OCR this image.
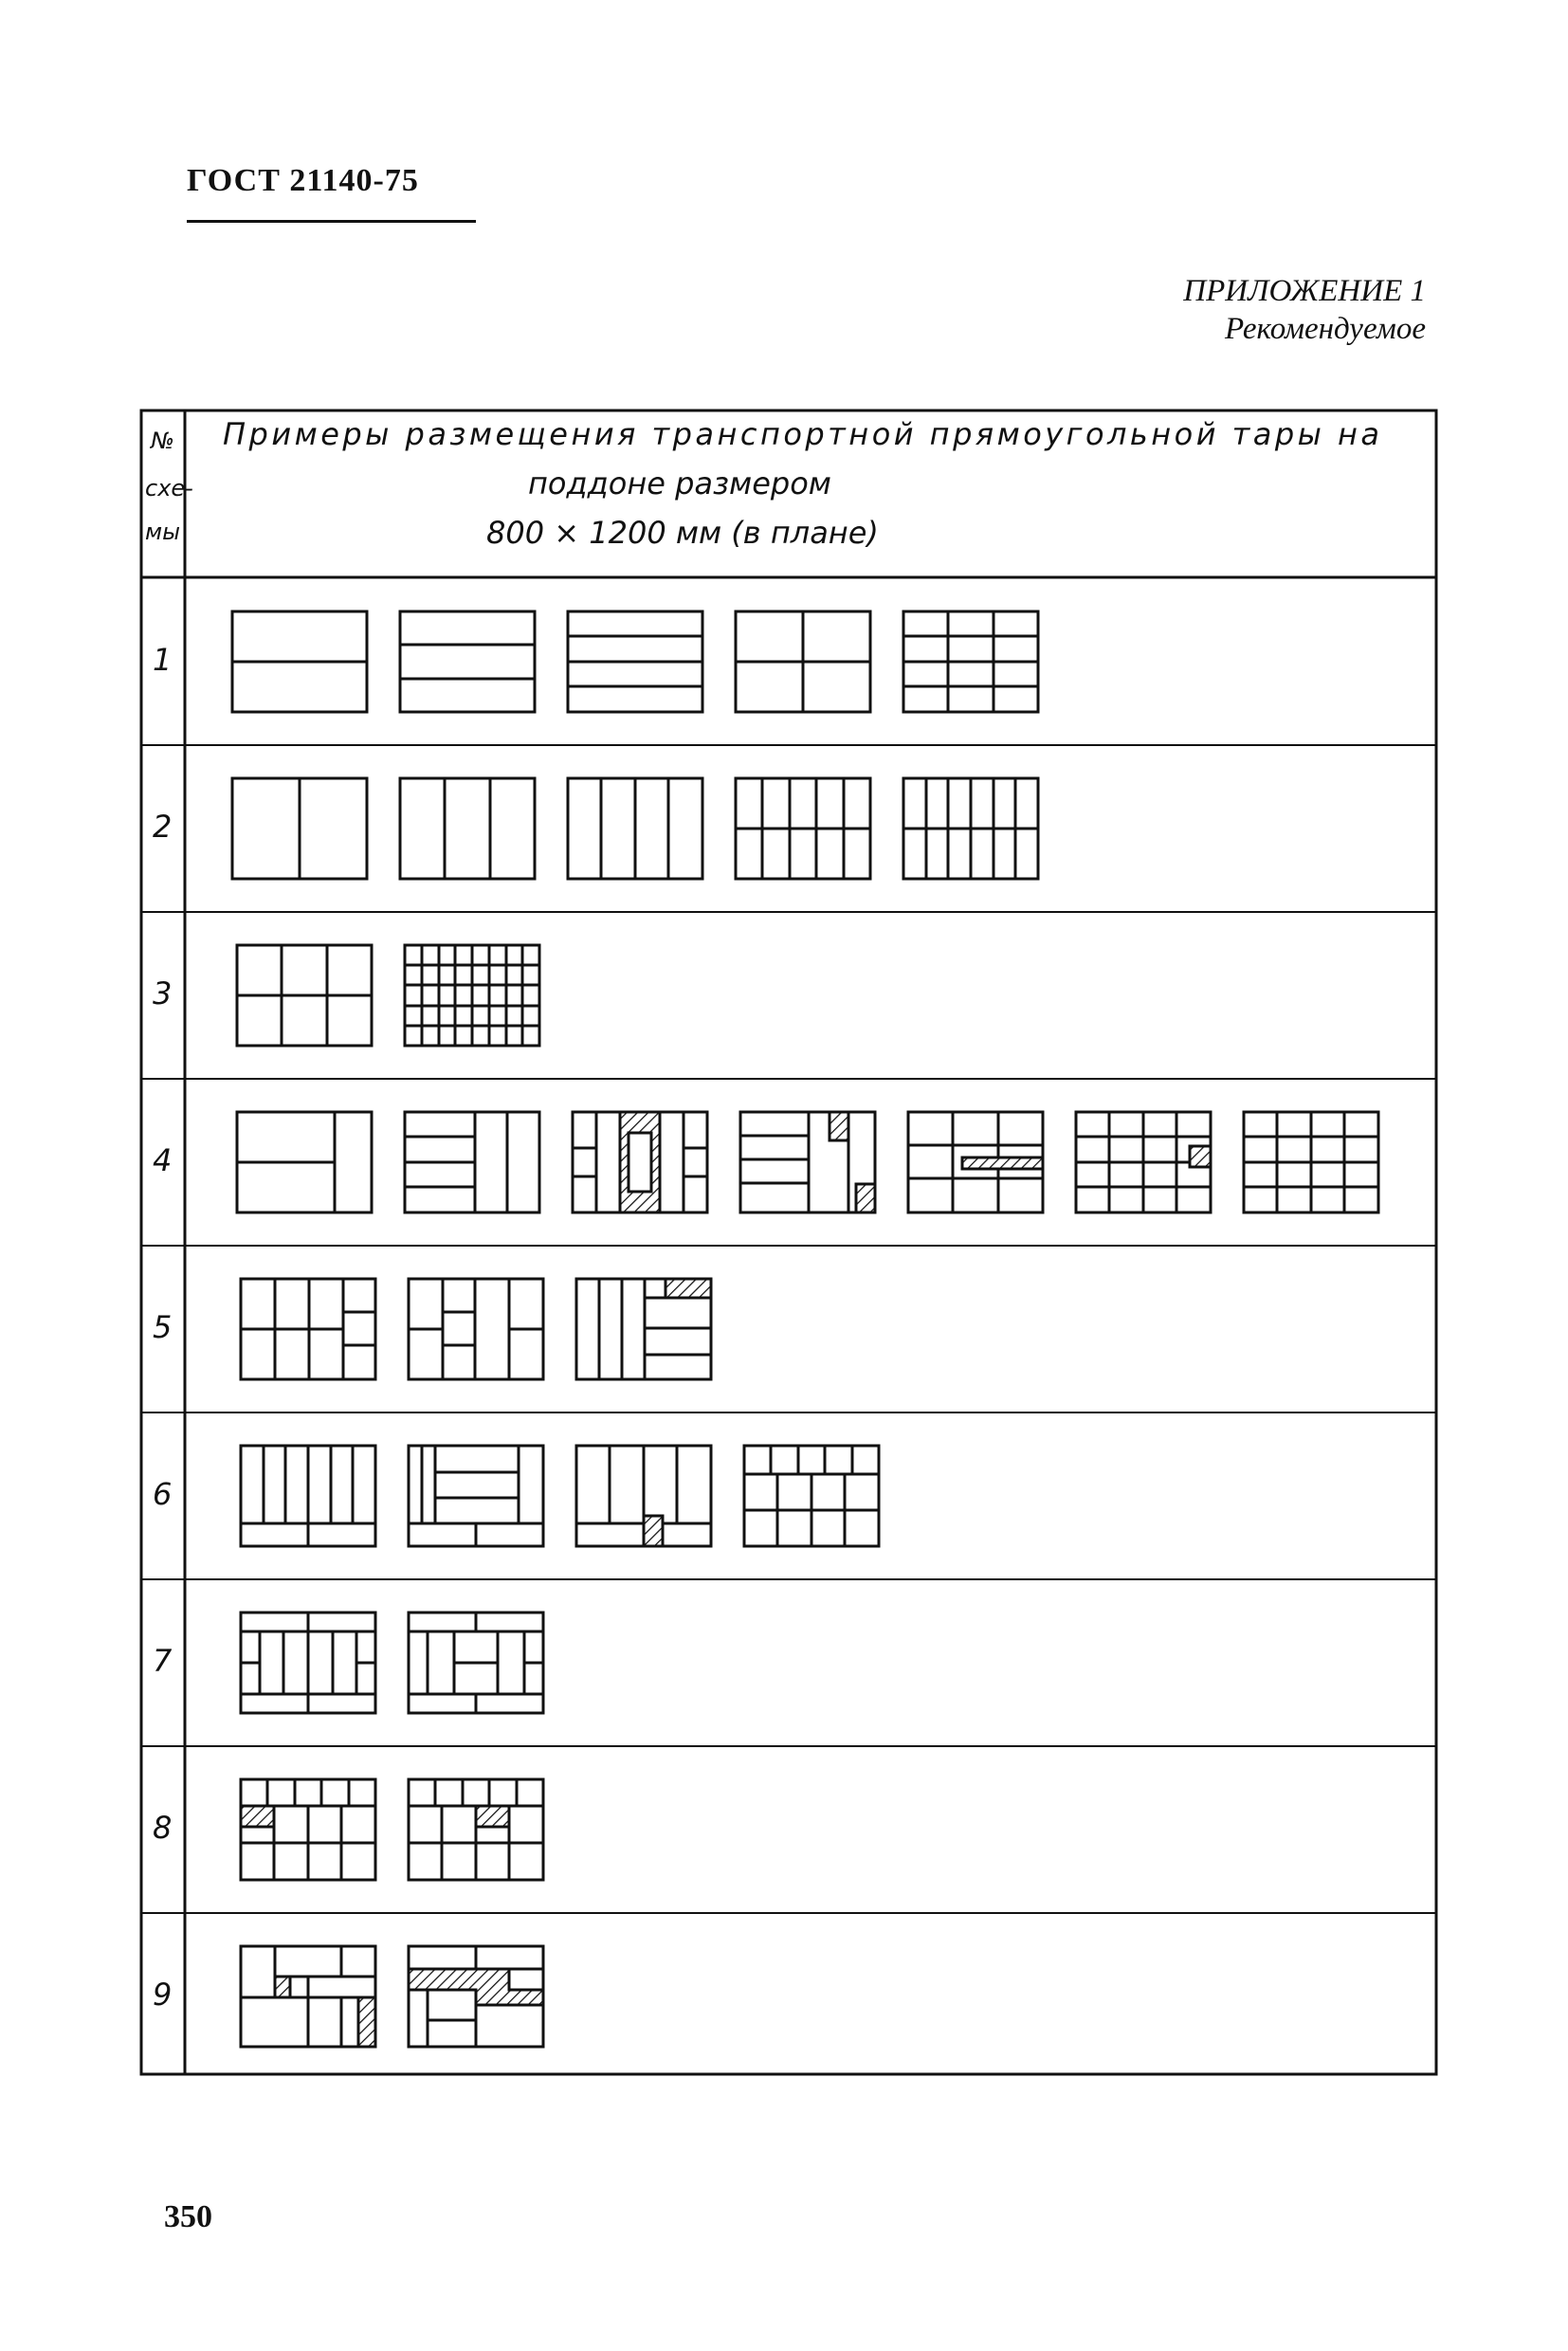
ГОСТ 21140-75
ПРИЛОЖЕНИЕ 1
Рекомендуемое
№
схе-
мы
Примеры размещения транспортной прямоугольной тары на
поддоне размером
800 × 1200 мм (в плане)
1
2
3
4
5
6
7
8
9
350
